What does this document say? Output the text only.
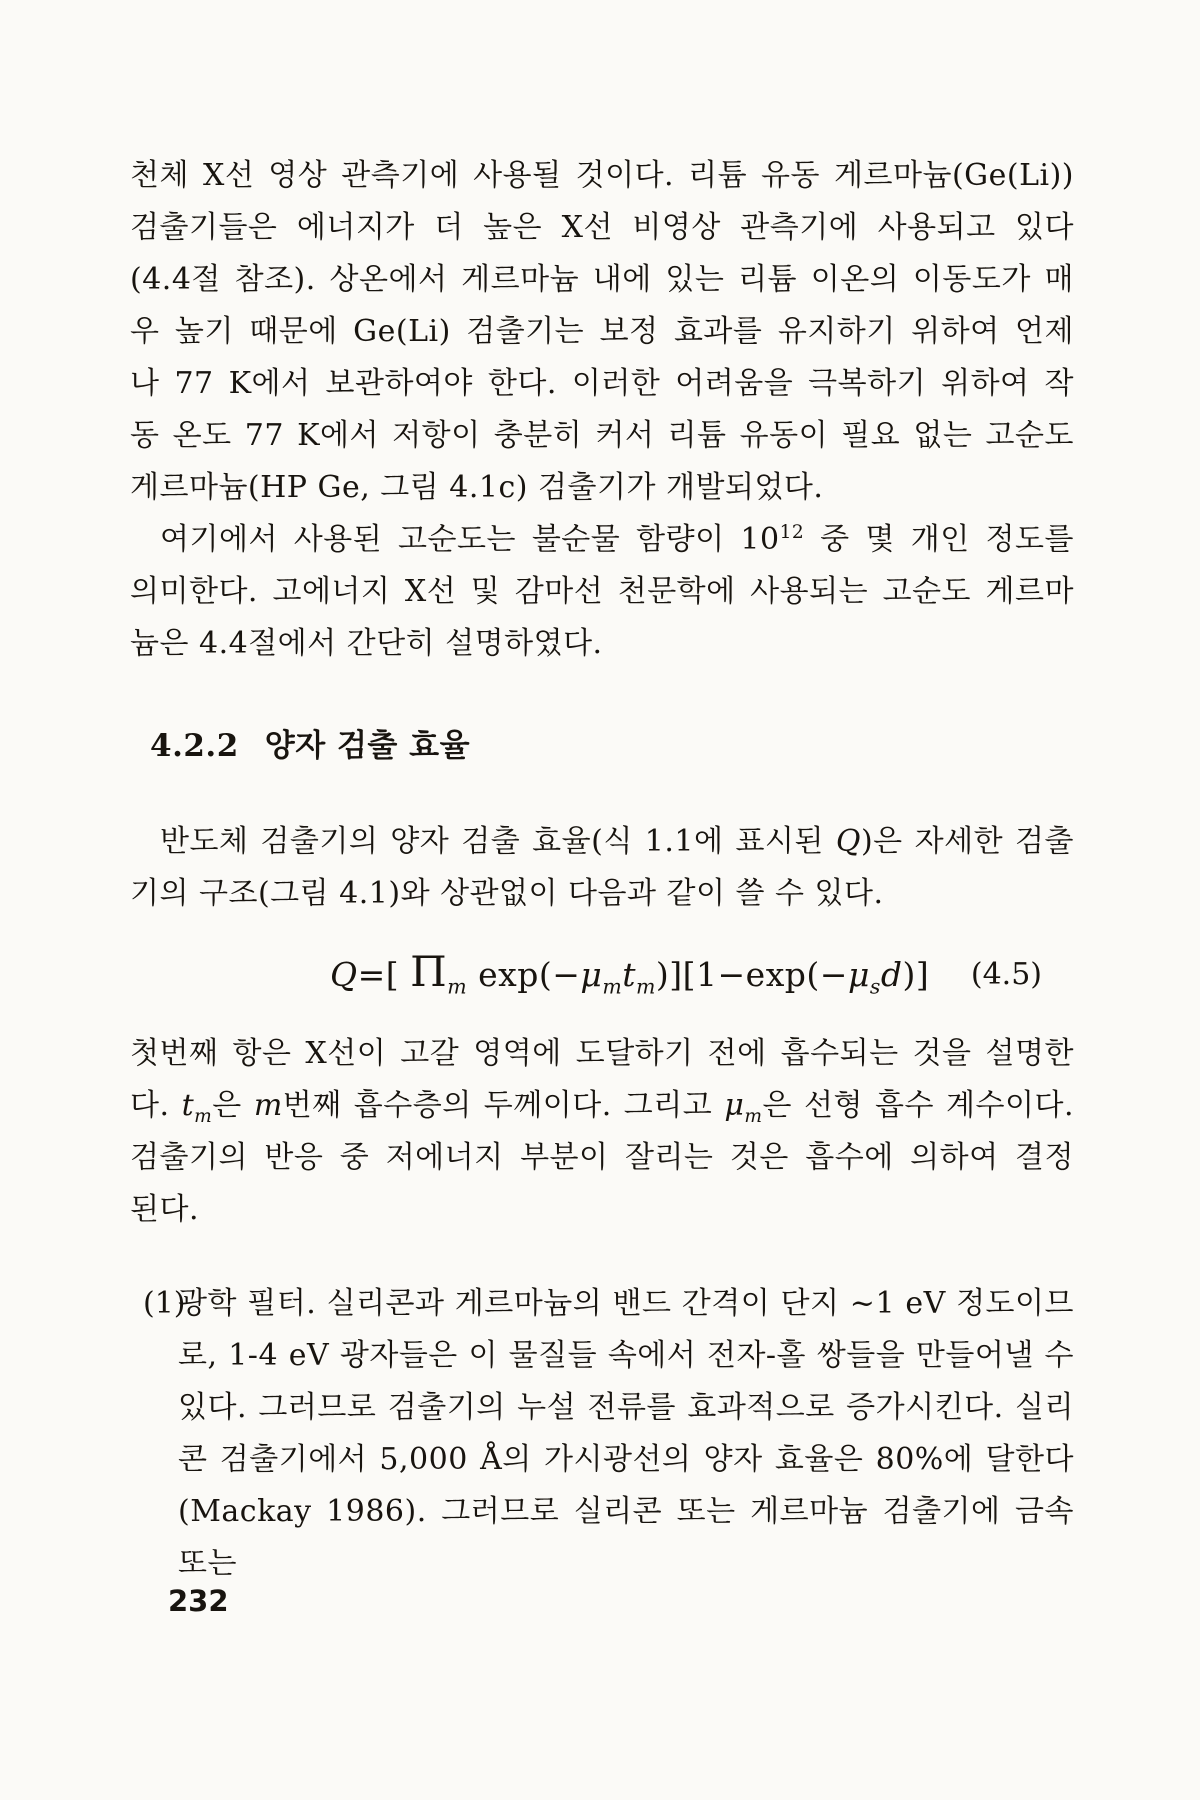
천체 X선 영상 관측기에 사용될 것이다. 리튬 유동 게르마늄(Ge(Li))
검출기들은 에너지가 더 높은 X선 비영상 관측기에 사용되고 있다
(4.4절 참조). 상온에서 게르마늄 내에 있는 리튬 이온의 이동도가 매
우 높기 때문에 Ge(Li) 검출기는 보정 효과를 유지하기 위하여 언제
나 77 K에서 보관하여야 한다. 이러한 어려움을 극복하기 위하여 작
동 온도 77 K에서 저항이 충분히 커서 리튬 유동이 필요 없는 고순도
게르마늄(HP Ge, 그림 4.1c) 검출기가 개발되었다.
여기에서 사용된 고순도는 불순물 함량이 $10^{12}$ 중 몇 개인 정도를
의미한다. 고에너지 X선 및 감마선 천문학에 사용되는 고순도 게르마
늄은 4.4절에서 간단히 설명하였다.
4.2.2 양자 검출 효율
반도체 검출기의 양자 검출 효율(식 1.1에 표시된 Q)은 자세한 검출
기의 구조(그림 4.1)와 상관없이 다음과 같이 쓸 수 있다.
Q=[ $\Pi_m$ $\exp(-\mu_mt_m)][1-\exp(-\mu_sd)]$ (4.5)
첫번째 항은 X선이 고갈 영역에 도달하기 전에 흡수되는 것을 설명한
다. $t_m$은 m번째 흡수층의 두께이다. 그리고 $\mu_m$은 선형 흡수 계수이다.
검출기의 반응 중 저에너지 부분이 잘리는 것은 흡수에 의하여 결정
된다.
(1)
광학 필터. 실리콘과 게르마늄의 밴드 간격이 단지 ~1 eV 정도이므
로, 1-4 eV 광자들은 이 물질들 속에서 전자-홀 쌍들을 만들어낼 수
있다. 그러므로 검출기의 누설 전류를 효과적으로 증가시킨다. 실리
콘 검출기에서 5,000 Å의 가시광선의 양자 효율은 80%에 달한다
(Mackay 1986). 그러므로 실리콘 또는 게르마늄 검출기에 금속 또는
232
